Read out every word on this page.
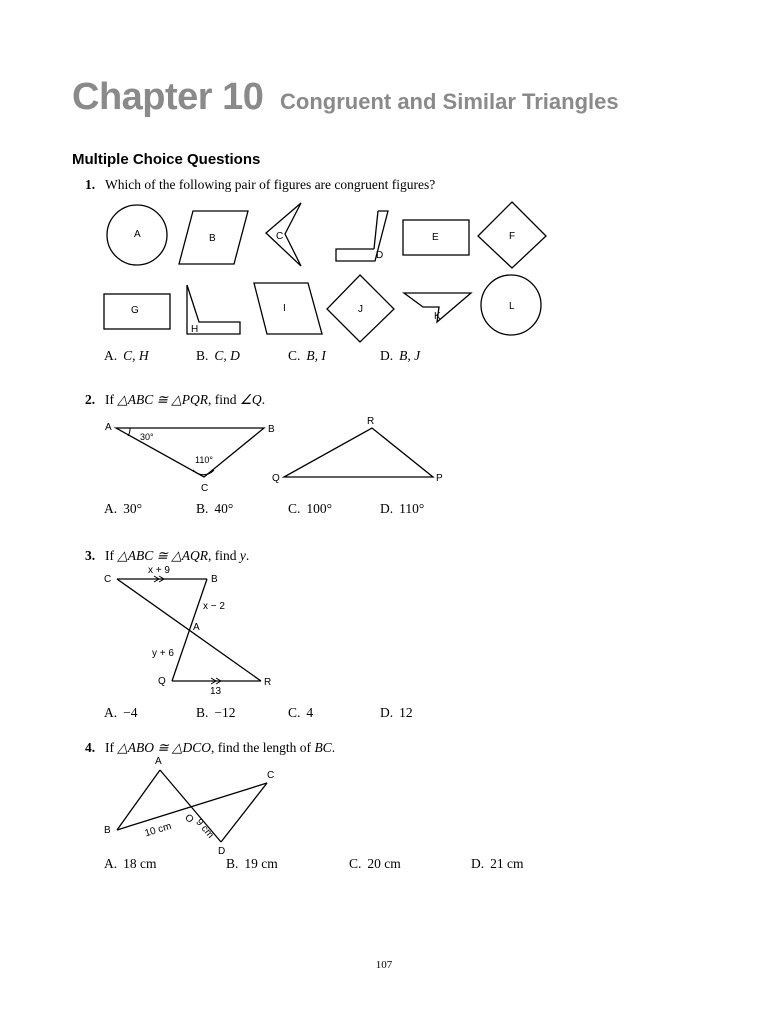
Chapter 10 Congruent and Similar Triangles
Multiple Choice Questions
1. Which of the following pair of figures are congruent figures?
A	B	C
D
E	F
G
H
I	J
K
L
A. C, H	B. C, D	C. B, I	D. B, J
2. If △ABC ≅ △PQR, find ∠Q.
A	B
C
30°
110°
R
Q	P
A. 30°	B. 40°	C. 100°	D. 110°
3. If △ABC ≅ △AQR, find y.
C	B
A
Q	R
x + 9
x − 2
y + 6
13
A. −4	B. −12	C. 4	D. 12
4. If △ABO ≅ △DCO, find the length of BC.
A
C
B
D
O
10 cm 9 cm
A. 18 cm	B. 19 cm	C. 20 cm	D. 21 cm
107
